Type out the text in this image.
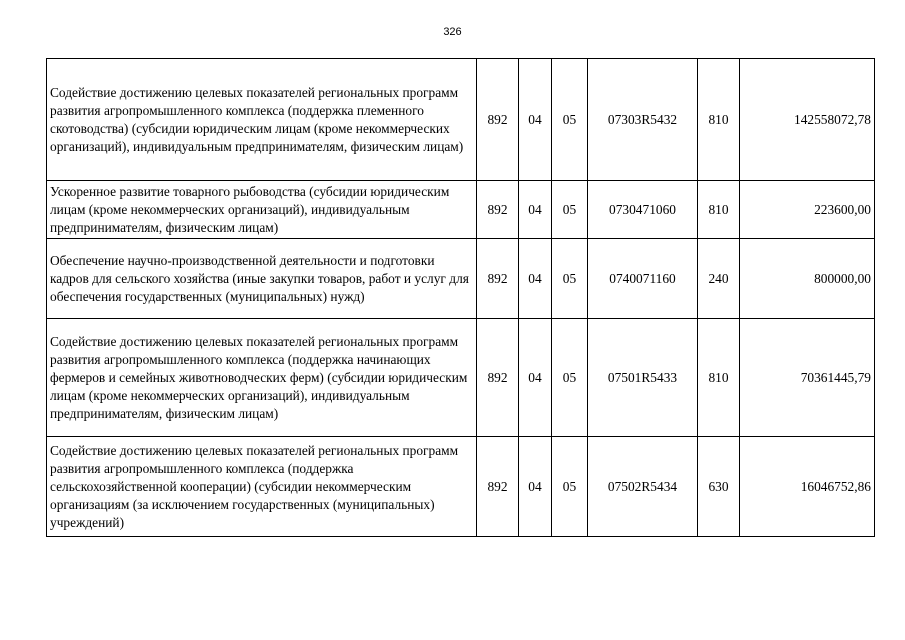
326
Содействие достижению целевых показателей региональных программ развития агропромышленного комплекса (поддержка племенного скотоводства) (субсидии юридическим лицам (кроме некоммерческих организаций), индивидуальным предпринимателям, физическим лицам)	892	04	05	07303R5432	810	142558072,78
Ускоренное развитие товарного рыбоводства (субсидии юридическим лицам (кроме некоммерческих организаций), индивидуальным предпринимателям, физическим лицам)	892	04	05	0730471060	810	223600,00
Обеспечение научно-производственной деятельности и подготовки кадров для сельского хозяйства (иные закупки товаров, работ и услуг для обеспечения государственных (муниципальных) нужд)	892	04	05	0740071160	240	800000,00
Содействие достижению целевых показателей региональных программ развития агропромышленного комплекса (поддержка начинающих фермеров и семейных животноводческих ферм) (субсидии юридическим лицам (кроме некоммерческих организаций), индивидуальным предпринимателям, физическим лицам)	892	04	05	07501R5433	810	70361445,79
Содействие достижению целевых показателей региональных программ развития агропромышленного комплекса (поддержка сельскохозяйственной кооперации) (субсидии некоммерческим организациям (за исключением государственных (муниципальных) учреждений)	892	04	05	07502R5434	630	16046752,86
